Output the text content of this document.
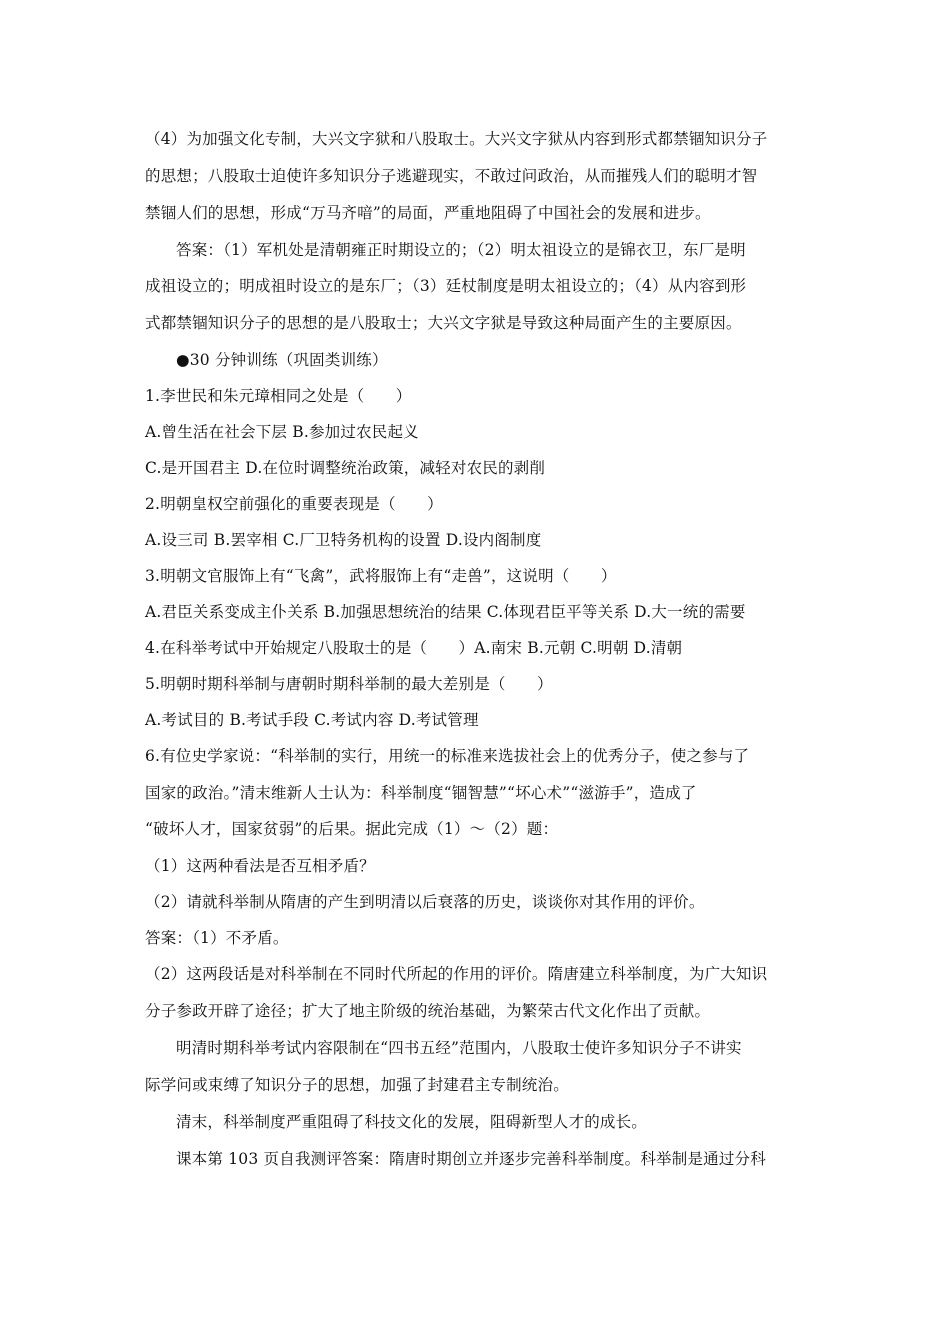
（4）为加强文化专制，大兴文字狱和八股取士。大兴文字狱从内容到形式都禁锢知识分子
的思想；八股取士迫使许多知识分子逃避现实，不敢过问政治，从而摧残人们的聪明才智
禁锢人们的思想，形成“万马齐喑”的局面，严重地阻碍了中国社会的发展和进步。
答案：（1）军机处是清朝雍正时期设立的；（2）明太祖设立的是锦衣卫，东厂是明
成祖设立的；明成祖时设立的是东厂；（3）廷杖制度是明太祖设立的；（4）从内容到形
式都禁锢知识分子的思想的是八股取士；大兴文字狱是导致这种局面产生的主要原因。
●30 分钟训练（巩固类训练）
1.李世民和朱元璋相同之处是（　　）
A.曾生活在社会下层 B.参加过农民起义
C.是开国君主 D.在位时调整统治政策，减轻对农民的剥削
2.明朝皇权空前强化的重要表现是（　　）
A.设三司 B.罢宰相 C.厂卫特务机构的设置 D.设内阁制度
3.明朝文官服饰上有“飞禽”，武将服饰上有“走兽”，这说明（　　）
A.君臣关系变成主仆关系 B.加强思想统治的结果 C.体现君臣平等关系 D.大一统的需要
4.在科举考试中开始规定八股取士的是（　　）A.南宋 B.元朝 C.明朝 D.清朝
5.明朝时期科举制与唐朝时期科举制的最大差别是（　　）
A.考试目的 B.考试手段 C.考试内容 D.考试管理
6.有位史学家说：“科举制的实行，用统一的标准来选拔社会上的优秀分子，使之参与了
国家的政治。”清末维新人士认为：科举制度“锢智慧”“坏心术”“滋游手”，造成了
“破坏人才，国家贫弱”的后果。据此完成（1）～（2）题：
（1）这两种看法是否互相矛盾？
（2）请就科举制从隋唐的产生到明清以后衰落的历史，谈谈你对其作用的评价。
答案：（1）不矛盾。
（2）这两段话是对科举制在不同时代所起的作用的评价。隋唐建立科举制度，为广大知识
分子参政开辟了途径；扩大了地主阶级的统治基础，为繁荣古代文化作出了贡献。
明清时期科举考试内容限制在“四书五经”范围内，八股取士使许多知识分子不讲实
际学问或束缚了知识分子的思想，加强了封建君主专制统治。
清末，科举制度严重阻碍了科技文化的发展，阻碍新型人才的成长。
课本第 103 页自我测评答案：隋唐时期创立并逐步完善科举制度。科举制是通过分科
